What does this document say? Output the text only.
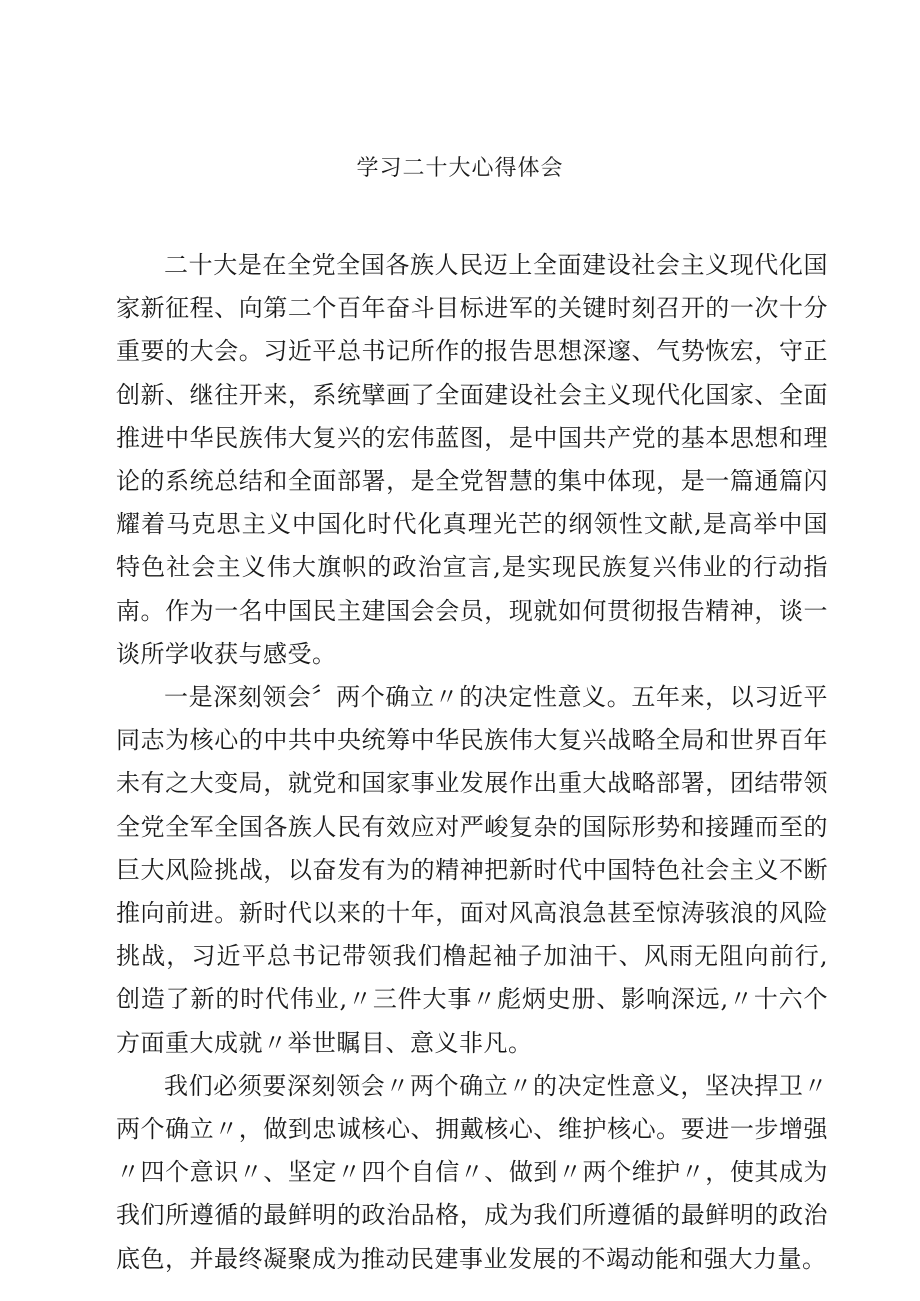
学习二十大心得体会

二十大是在全党全国各族人民迈上全面建设社会主义现代化国家新征程、向第二个百年奋斗目标进军的关键时刻召开的一次十分重要的大会。习近平总书记所作的报告思想深邃、气势恢宏，守正创新、继往开来，系统擘画了全面建设社会主义现代化国家、全面推进中华民族伟大复兴的宏伟蓝图，是中国共产党的基本思想和理论的系统总结和全面部署，是全党智慧的集中体现，是一篇通篇闪耀着马克思主义中国化时代化真理光芒的纲领性文献,是高举中国特色社会主义伟大旗帜的政治宣言,是实现民族复兴伟业的行动指南。作为一名中国民主建国会会员，现就如何贯彻报告精神，谈一谈所学收获与感受。

一是深刻领会〞两个确立〃的决定性意义。五年来，以习近平同志为核心的中共中央统筹中华民族伟大复兴战略全局和世界百年未有之大变局，就党和国家事业发展作出重大战略部署，团结带领全党全军全国各族人民有效应对严峻复杂的国际形势和接踵而至的巨大风险挑战，以奋发有为的精神把新时代中国特色社会主义不断推向前进。新时代以来的十年，面对风高浪急甚至惊涛骇浪的风险挑战，习近平总书记带领我们橹起袖子加油干、风雨无阻向前行,创造了新的时代伟业,〃三件大事〃彪炳史册、影响深远,〃十六个方面重大成就〃举世瞩目、意义非凡。

我们必须要深刻领会〃两个确立〃的决定性意义，坚决捍卫〃两个确立〃，做到忠诚核心、拥戴核心、维护核心。要进一步增强〃四个意识〃、坚定〃四个自信〃、做到〃两个维护〃，使其成为我们所遵循的最鲜明的政治品格，成为我们所遵循的最鲜明的政治底色，并最终凝聚成为推动民建事业发展的不竭动能和强大力量。
